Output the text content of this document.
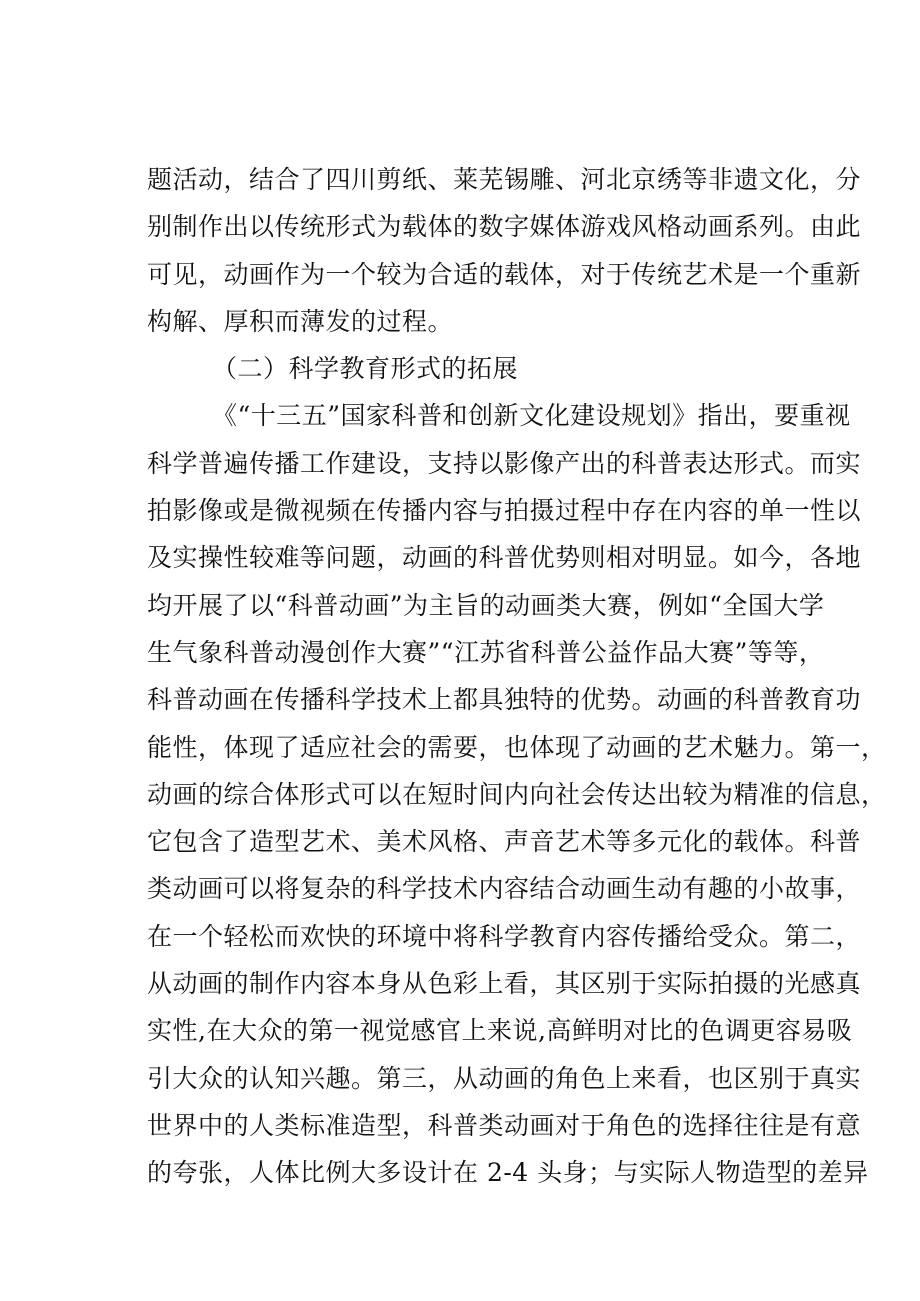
题活动，结合了四川剪纸、莱芜锡雕、河北京绣等非遗文化，分
别制作出以传统形式为载体的数字媒体游戏风格动画系列。由此
可见，动画作为一个较为合适的载体，对于传统艺术是一个重新
构解、厚积而薄发的过程。
（二）科学教育形式的拓展
《“十三五”国家科普和创新文化建设规划》指出，要重视
科学普遍传播工作建设，支持以影像产出的科普表达形式。而实
拍影像或是微视频在传播内容与拍摄过程中存在内容的单一性以
及实操性较难等问题，动画的科普优势则相对明显。如今，各地
均开展了以“科普动画”为主旨的动画类大赛，例如“全国大学
生气象科普动漫创作大赛”“江苏省科普公益作品大赛”等等，
科普动画在传播科学技术上都具独特的优势。动画的科普教育功
能性，体现了适应社会的需要，也体现了动画的艺术魅力。第一，
动画的综合体形式可以在短时间内向社会传达出较为精准的信息，
它包含了造型艺术、美术风格、声音艺术等多元化的载体。科普
类动画可以将复杂的科学技术内容结合动画生动有趣的小故事，
在一个轻松而欢快的环境中将科学教育内容传播给受众。第二，
从动画的制作内容本身从色彩上看，其区别于实际拍摄的光感真
实性,在大众的第一视觉感官上来说,高鲜明对比的色调更容易吸
引大众的认知兴趣。第三，从动画的角色上来看，也区别于真实
世界中的人类标准造型，科普类动画对于角色的选择往往是有意
的夸张，人体比例大多设计在 2-4 头身；与实际人物造型的差异
